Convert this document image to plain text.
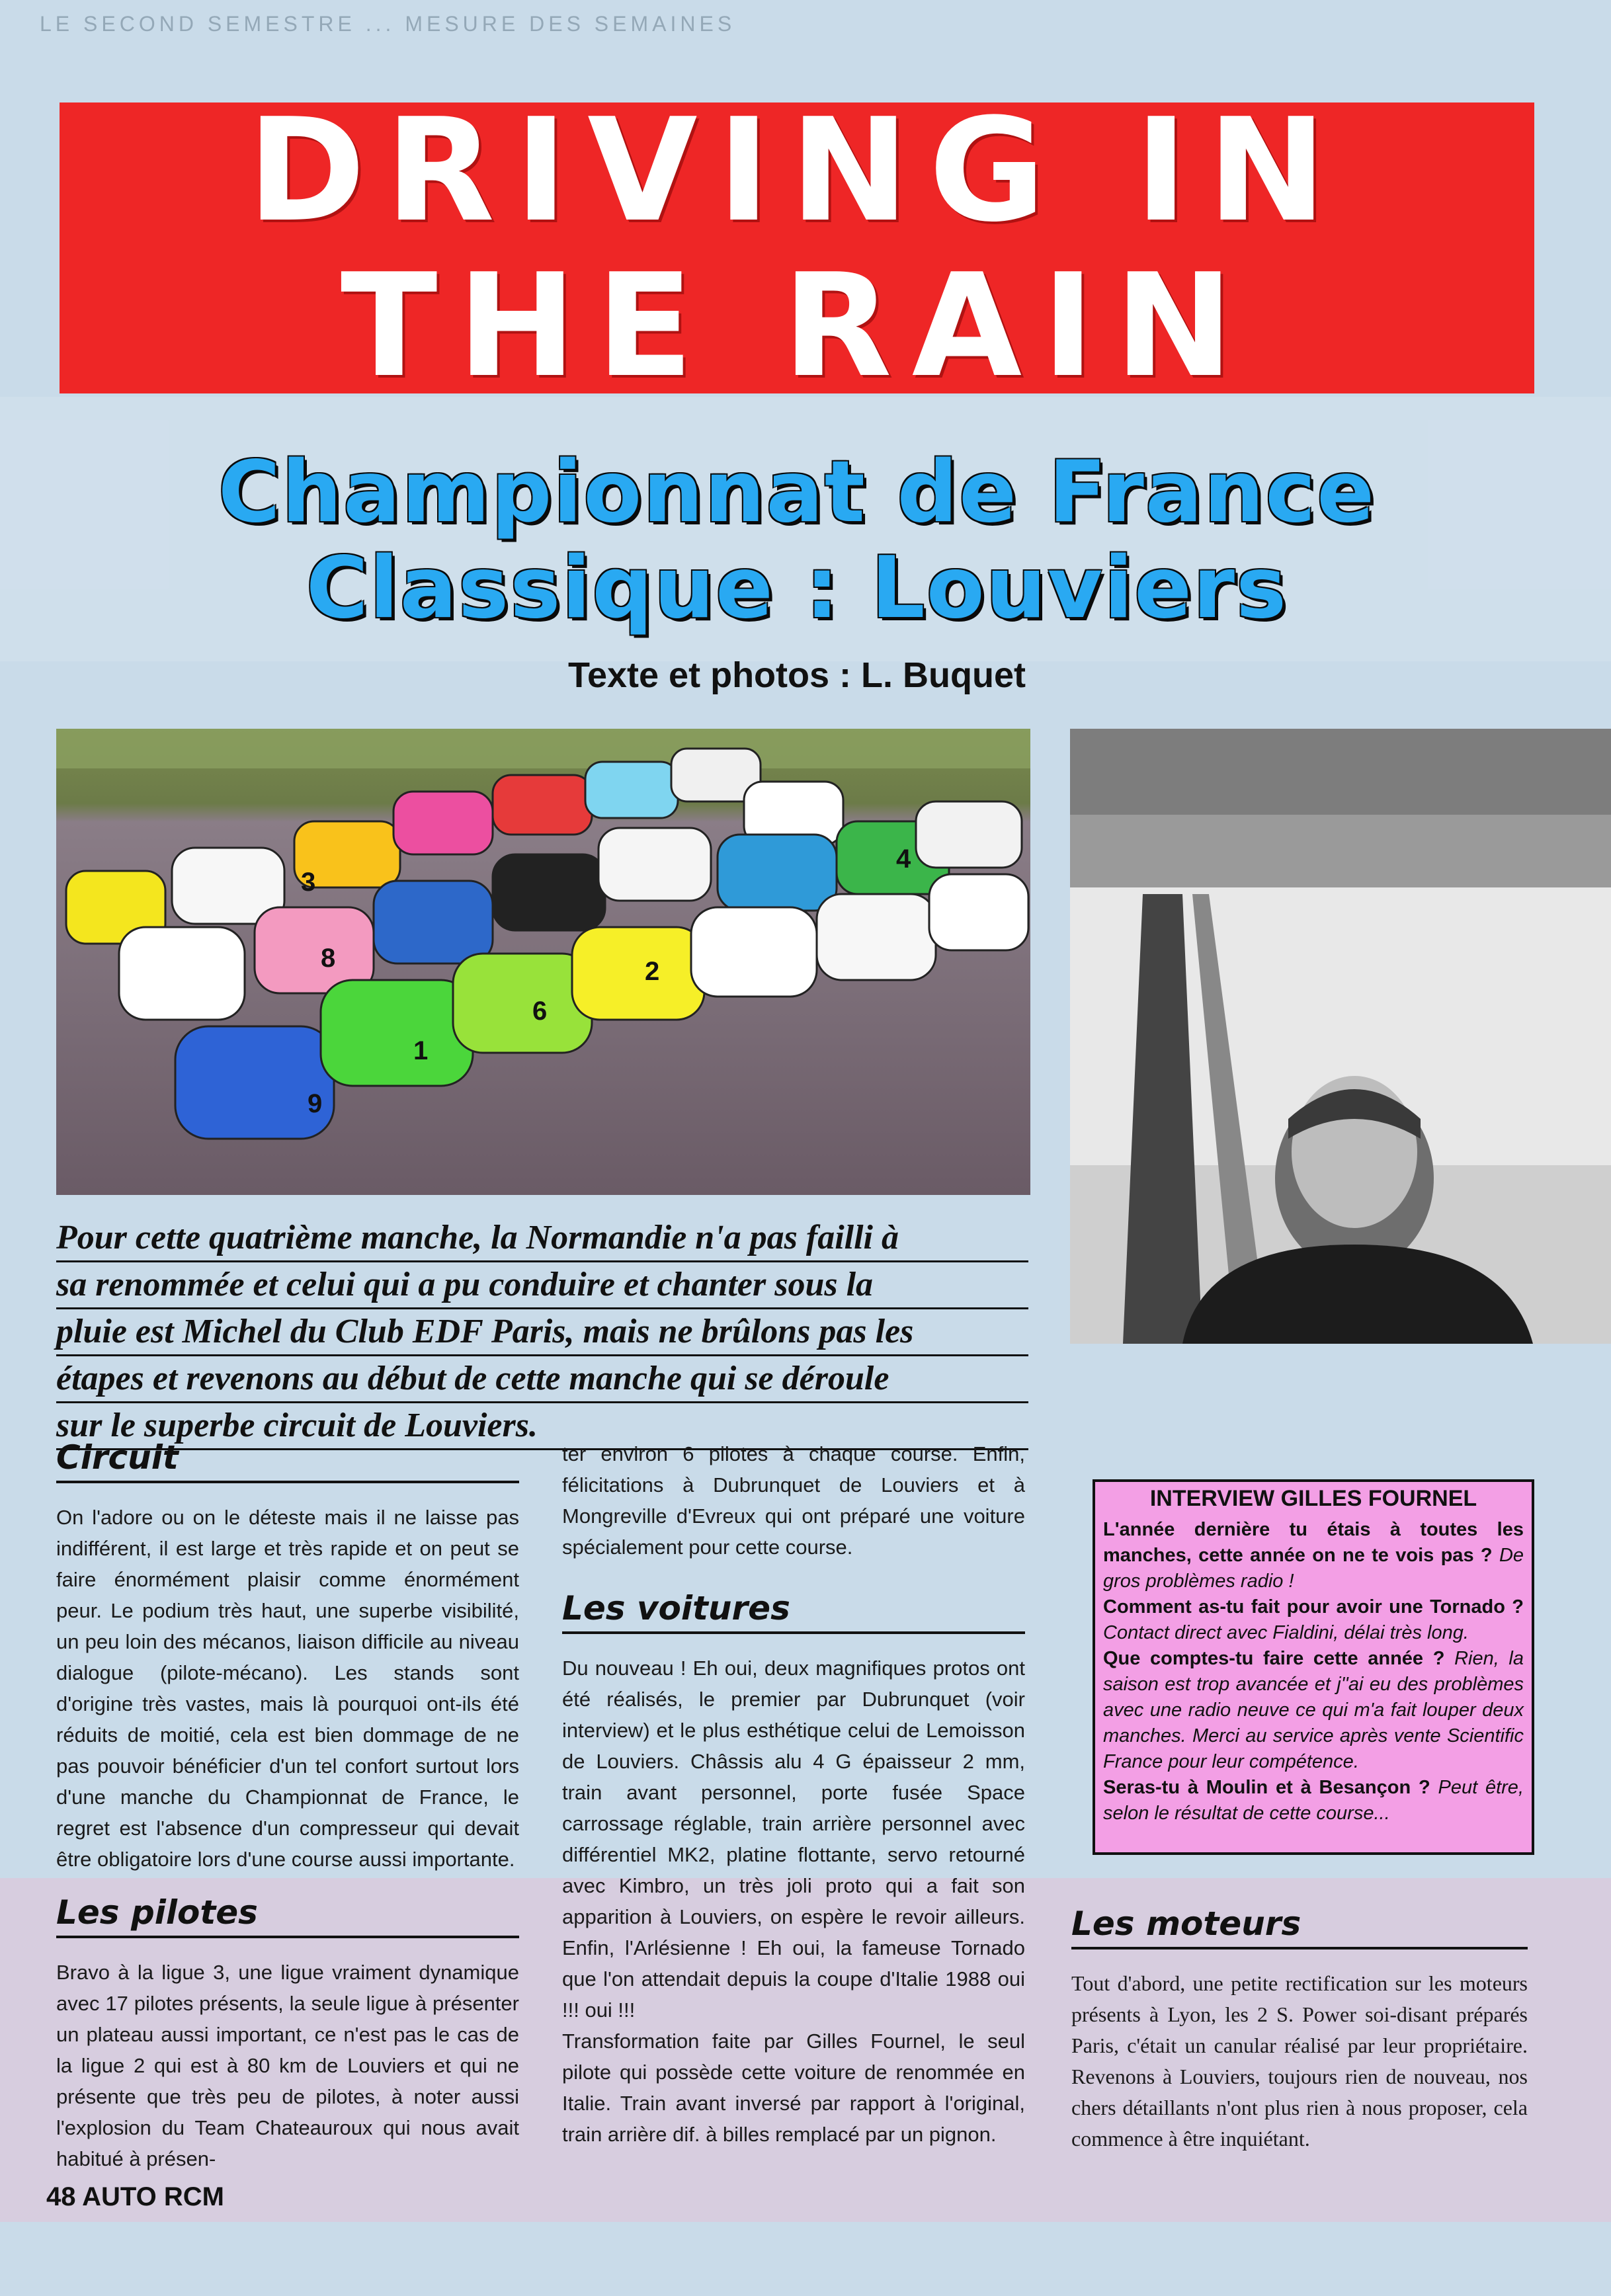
LE SECOND SEMESTRE ... MESURE DES SEMAINES
DRIVING IN
THE RAIN
Championnat de France
Classique : Louviers
Texte et photos : L. Buquet
9
1
6
8	2
4
3
Pour cette quatrième manche, la Normandie n'a pas failli à
sa renommée et celui qui a pu conduire et chanter sous la
pluie est Michel du Club EDF Paris, mais ne brûlons pas les
étapes et revenons au début de cette manche qui se déroule
sur le superbe circuit de Louviers.
Circuit
On l'adore ou on le déteste mais il ne laisse pas indifférent, il est large et très rapide et on peut se faire énormément plaisir comme énormément peur. Le podium très haut, une superbe visibilité, un peu loin des mécanos, liaison difficile au niveau dialogue (pilote-mécano). Les stands sont d'origine très vastes, mais là pourquoi ont-ils été réduits de moitié, cela est bien dommage de ne pas pouvoir bénéficier d'un tel confort surtout lors d'une manche du Championnat de France, le regret est l'absence d'un compresseur qui devait être obligatoire lors d'une course aussi importante.
Les pilotes
Bravo à la ligue 3, une ligue vraiment dynamique avec 17 pilotes présents, la seule ligue à présenter un plateau aussi important, ce n'est pas le cas de la ligue 2 qui est à 80 km de Louviers et qui ne présente que très peu de pilotes, à noter aussi l'explosion du Team Chateauroux qui nous avait habitué à présen-
ter environ 6 pilotes à chaque course. Enfin, félicitations à Dubrunquet de Louviers et à Mongreville d'Evreux qui ont préparé une voiture spécialement pour cette course.
Les voitures
Du nouveau ! Eh oui, deux magnifiques protos ont été réalisés, le premier par Dubrunquet (voir interview) et le plus esthétique celui de Lemoisson de Louviers. Châssis alu 4 G épaisseur 2 mm, train avant personnel, porte fusée Space carrossage réglable, train arrière personnel avec différentiel MK2, platine flottante, servo retourné avec Kimbro, un très joli proto qui a fait son apparition à Louviers, on espère le revoir ailleurs. Enfin, l'Arlésienne ! Eh oui, la fameuse Tornado que l'on attendait depuis la coupe d'Italie 1988 oui !!! oui !!!
Transformation faite par Gilles Fournel, le seul pilote qui possède cette voiture de renommée en Italie. Train avant inversé par rapport à l'original, train arrière dif. à billes remplacé par un pignon.
INTERVIEW GILLES FOURNEL
L'année dernière tu étais à toutes les manches, cette année on ne te vois pas ? De gros problèmes radio !
Comment as-tu fait pour avoir une Tornado ? Contact direct avec Fialdini, délai très long.
Que comptes-tu faire cette année ? Rien, la saison est trop avancée et j''ai eu des problèmes avec une radio neuve ce qui m'a fait louper deux manches. Merci au service après vente Scientific France pour leur compétence.
Seras-tu à Moulin et à Besançon ? Peut être, selon le résultat de cette course...
Les moteurs
Tout d'abord, une petite rectification sur les moteurs présents à Lyon, les 2 S. Power soi-disant préparés Paris, c'était un canular réalisé par leur propriétaire. Revenons à Louviers, toujours rien de nouveau, nos chers détaillants n'ont plus rien à nous proposer, cela commence à être inquiétant.
48 AUTO RCM
